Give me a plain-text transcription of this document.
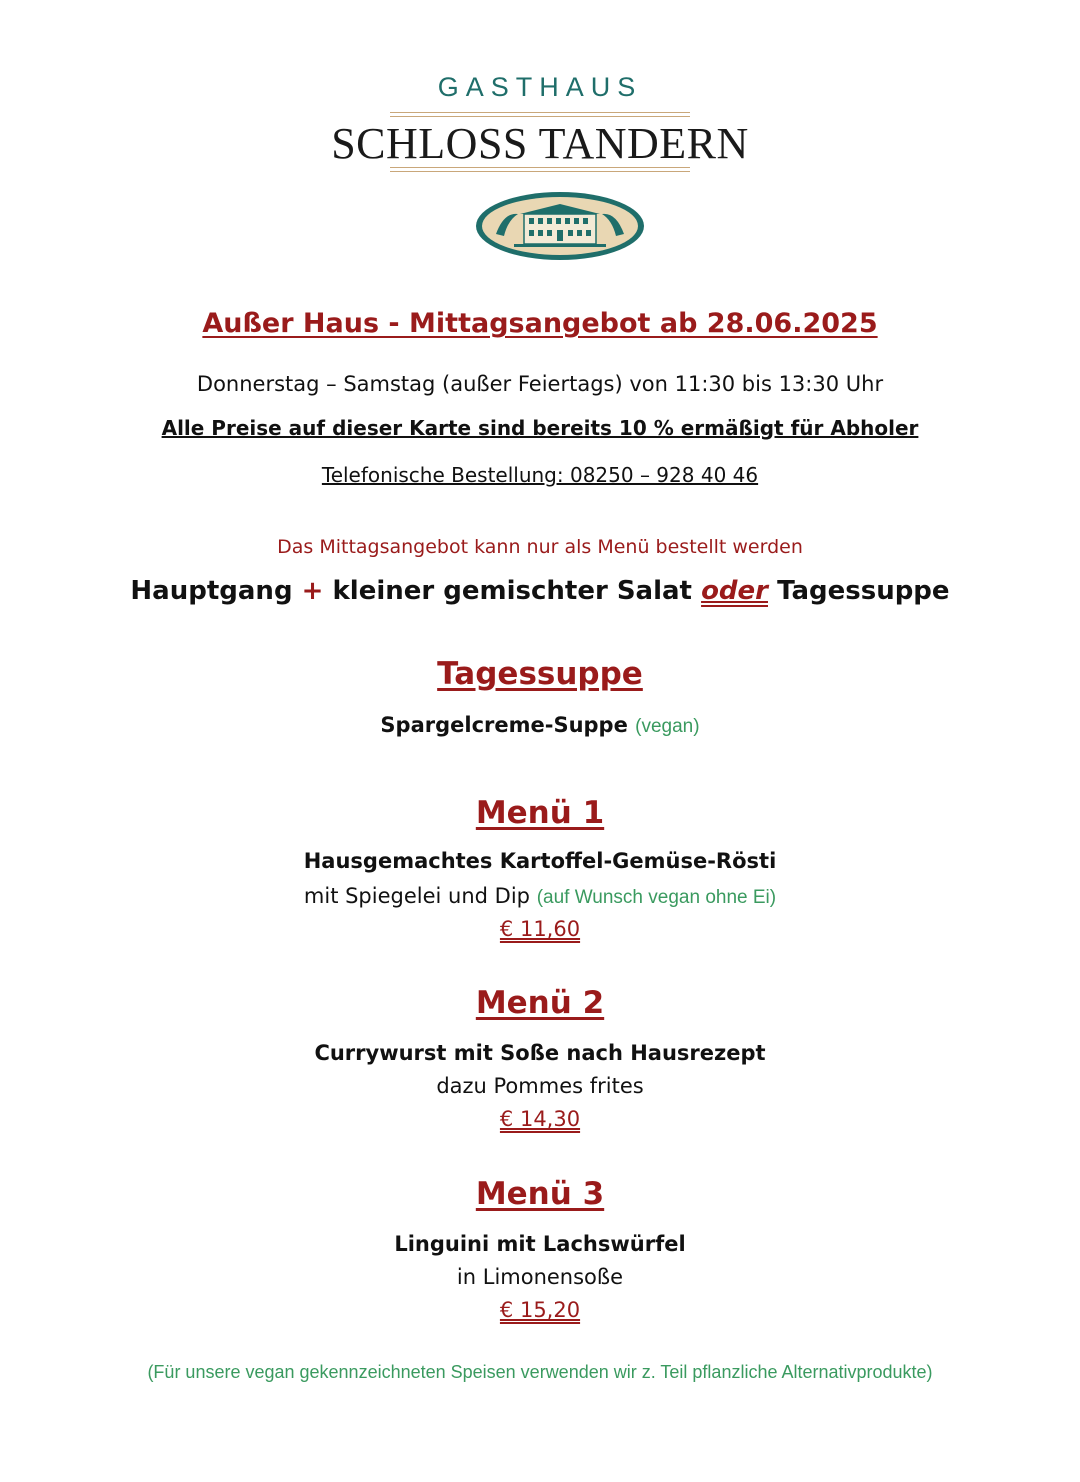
GASTHAUS
SCHLOSS TANDERN
Außer Haus - Mittagsangebot ab 28.06.2025
Donnerstag – Samstag (außer Feiertags) von 11:30 bis 13:30 Uhr
Alle Preise auf dieser Karte sind bereits 10 % ermäßigt für Abholer
Telefonische Bestellung: 08250 – 928 40 46
Das Mittagsangebot kann nur als Menü bestellt werden
Hauptgang + kleiner gemischter Salat oder Tagessuppe
Tagessuppe
Spargelcreme-Suppe (vegan)
Menü 1
Hausgemachtes Kartoffel-Gemüse-Rösti
mit Spiegelei und Dip (auf Wunsch vegan ohne Ei)
€ 11,60
Menü 2
Currywurst mit Soße nach Hausrezept
dazu Pommes frites
€ 14,30
Menü 3
Linguini mit Lachswürfel
in Limonensoße
€ 15,20
(Für unsere vegan gekennzeichneten Speisen verwenden wir z. Teil pflanzliche Alternativprodukte)
